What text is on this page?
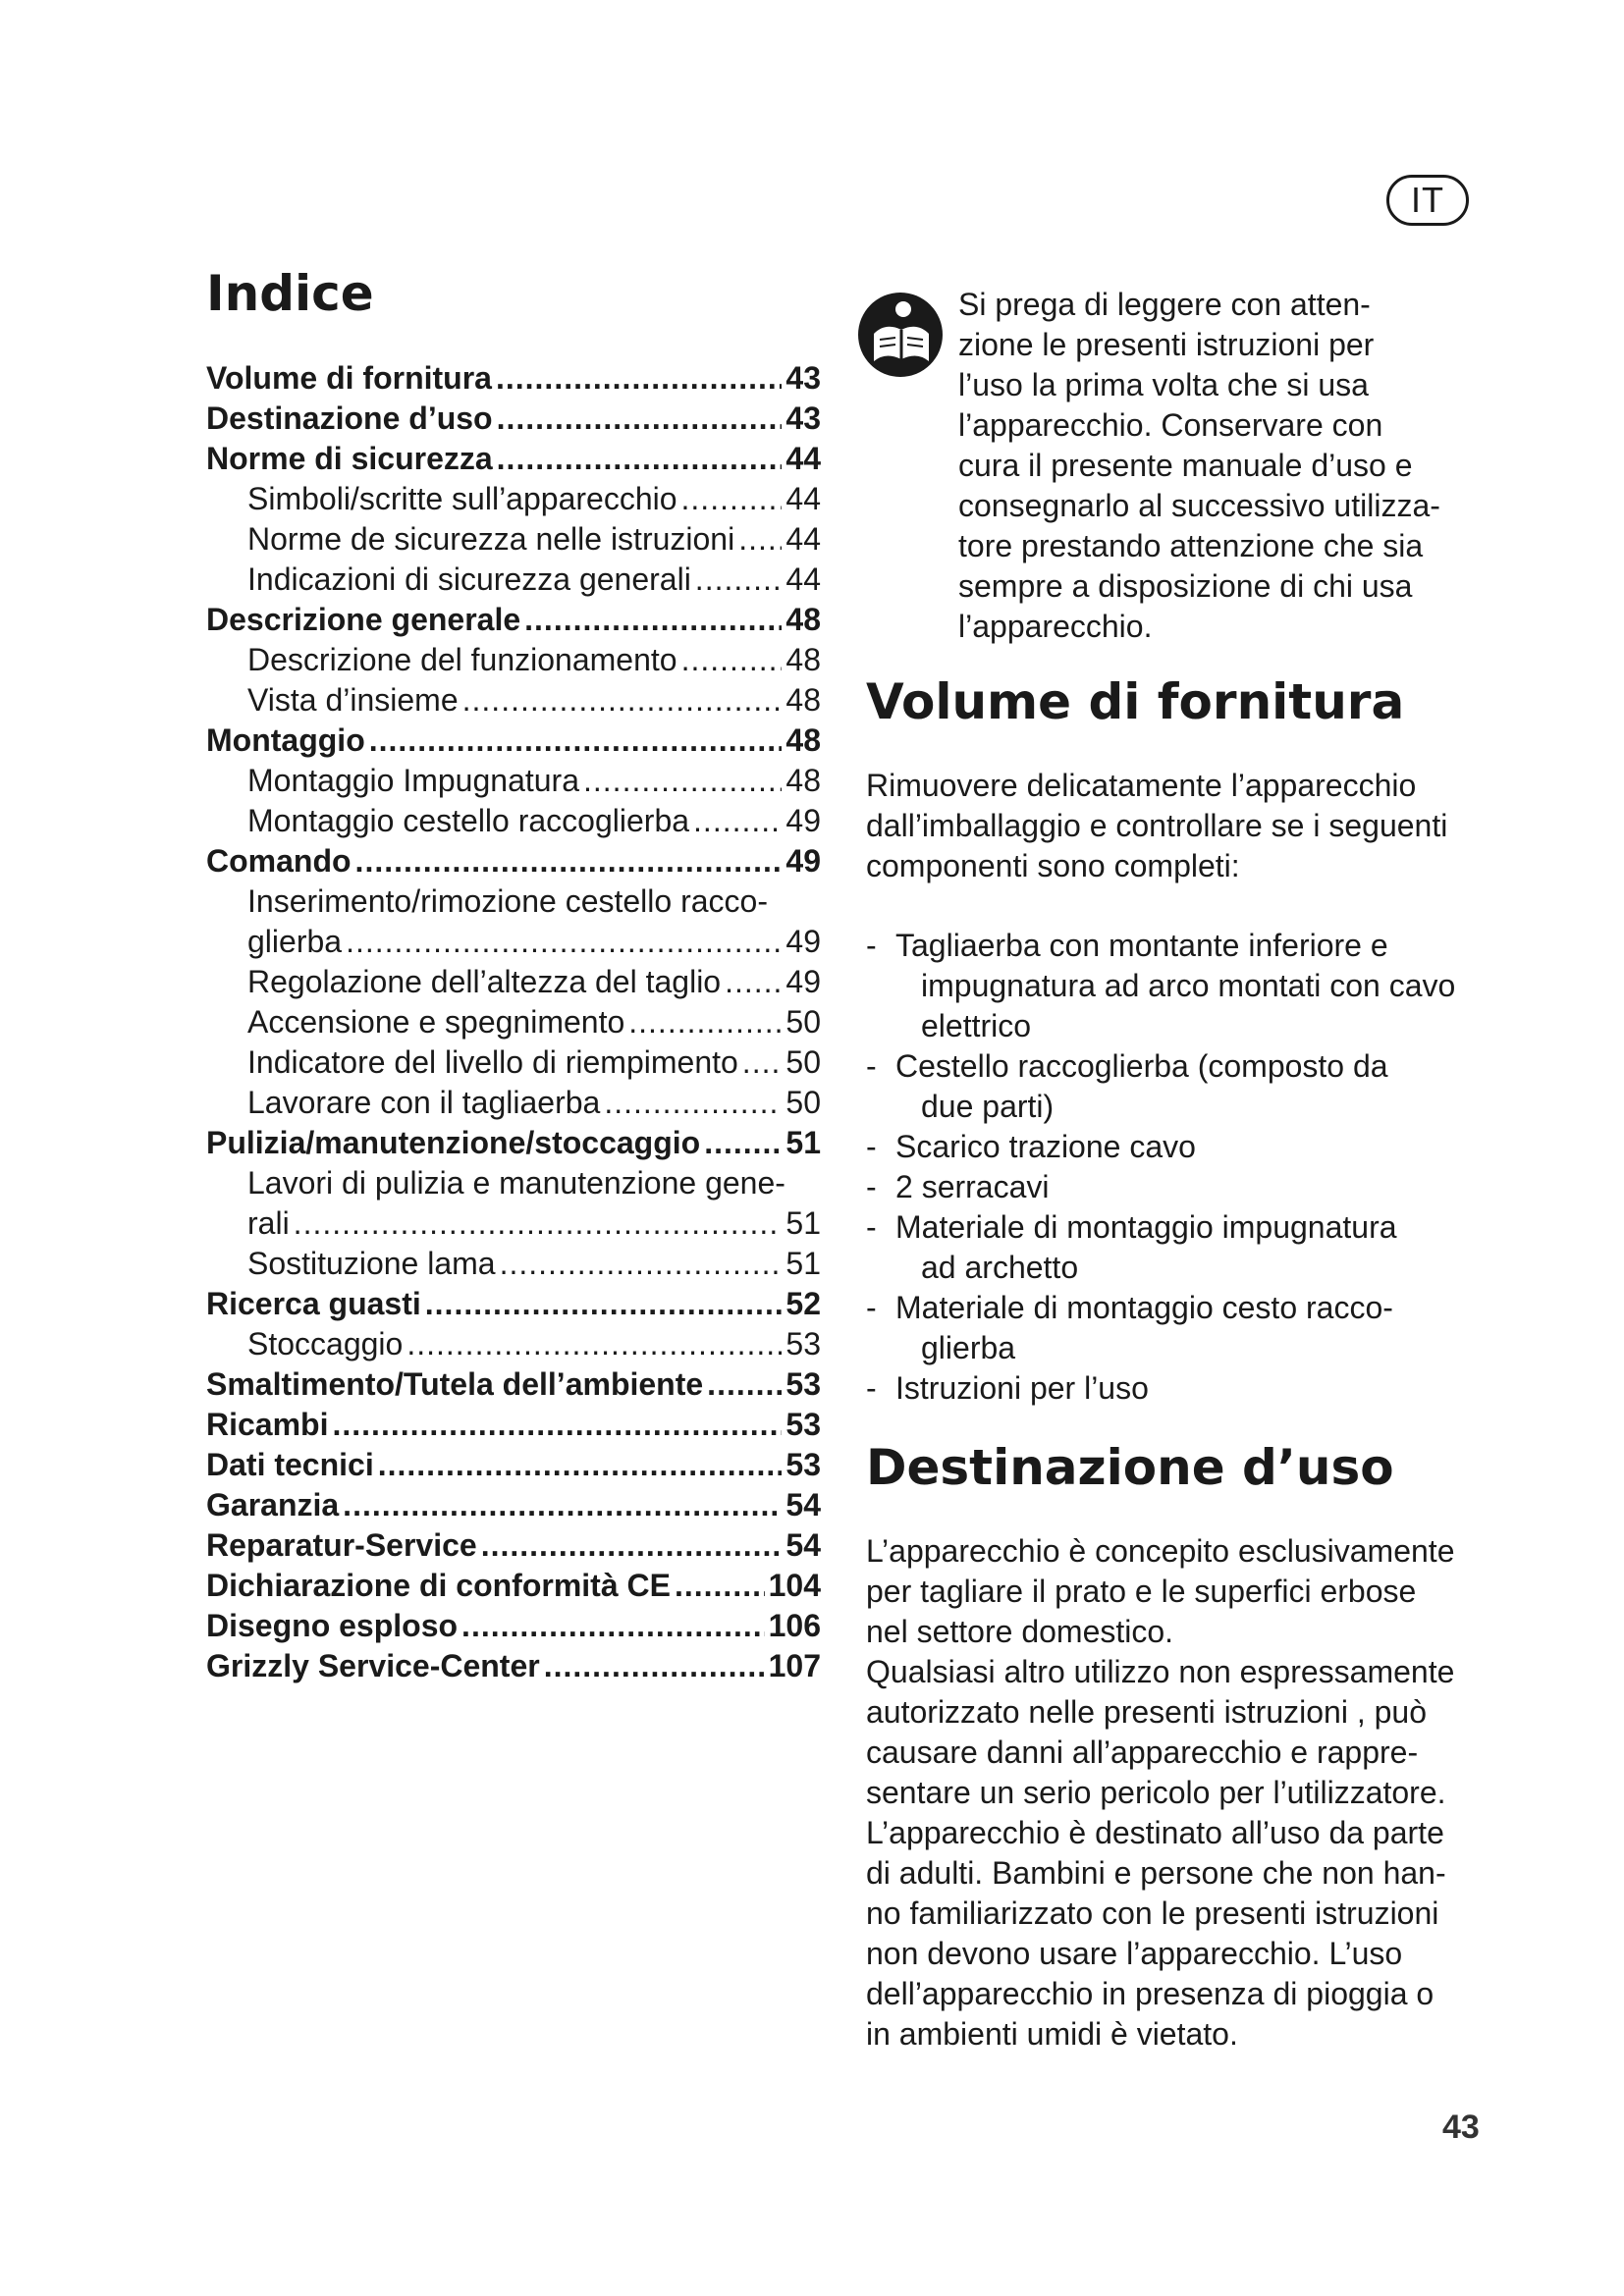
IT
Indice
Volume di fornitura .....	43
Destinazione d’uso .....	43
Norme di sicurezza .....	44
Simboli/scritte sull’apparecchio .....	44
Norme de sicurezza nelle istruzioni ..... 44
Indicazioni di sicurezza generali .....	44
Descrizione generale .....	48
Descrizione del funzionamento .....	48
Vista d’insieme .....	48
Montaggio .....	48
Montaggio Impugnatura .....	48
Montaggio cestello raccoglierba .....	49
Comando .....	49
Inserimento/rimozione cestello racco-
glierba .....	49
Regolazione dell’altezza del taglio ..... 49
Accensione e spegnimento .....	50
Indicatore del livello di riempimento ..... 50
Lavorare con il tagliaerba .....	50
Pulizia/manutenzione/stoccaggio .....	51
Lavori di pulizia e manutenzione gene-
rali .....	51
Sostituzione lama .....	51
Ricerca guasti .....	52
Stoccaggio .....	53
Smaltimento/Tutela dell’ambiente .....	53
Ricambi .....	53
Dati tecnici .....	53
Garanzia .....	54
Reparatur-Service .....	54
Dichiarazione di conformità CE .....	104
Disegno esploso .....	106
Grizzly Service-Center .....	107
Si prega di leggere con atten-
zione le presenti istruzioni per
l’uso la prima volta che si usa
l’apparecchio. Conservare con
cura il presente manuale d’uso e
consegnarlo al successivo utilizza-
tore prestando attenzione che sia
sempre a disposizione di chi usa
l’apparecchio.
Volume di fornitura
Rimuovere delicatamente l’apparecchio
dall’imballaggio e controllare se i seguenti
componenti sono completi:
- Tagliaerba con montante inferiore e
impugnatura ad arco montati con cavo
elettrico
- Cestello raccoglierba (composto da
due parti)
- Scarico trazione cavo
- 2 serracavi
- Materiale di montaggio impugnatura
ad archetto
- Materiale di montaggio cesto racco-
glierba
- Istruzioni per l’uso
Destinazione d’uso
L’apparecchio è concepito esclusivamente
per tagliare il prato e le superfici erbose
nel settore domestico.
Qualsiasi altro utilizzo non espressamente
autorizzato nelle presenti istruzioni , può
causare danni all’apparecchio e rappre-
sentare un serio pericolo per l’utilizzatore.
L’apparecchio è destinato all’uso da parte
di adulti. Bambini e persone che non han-
no familiarizzato con le presenti istruzioni
non devono usare l’apparecchio. L’uso
dell’apparecchio in presenza di pioggia o
in ambienti umidi è vietato.
43
